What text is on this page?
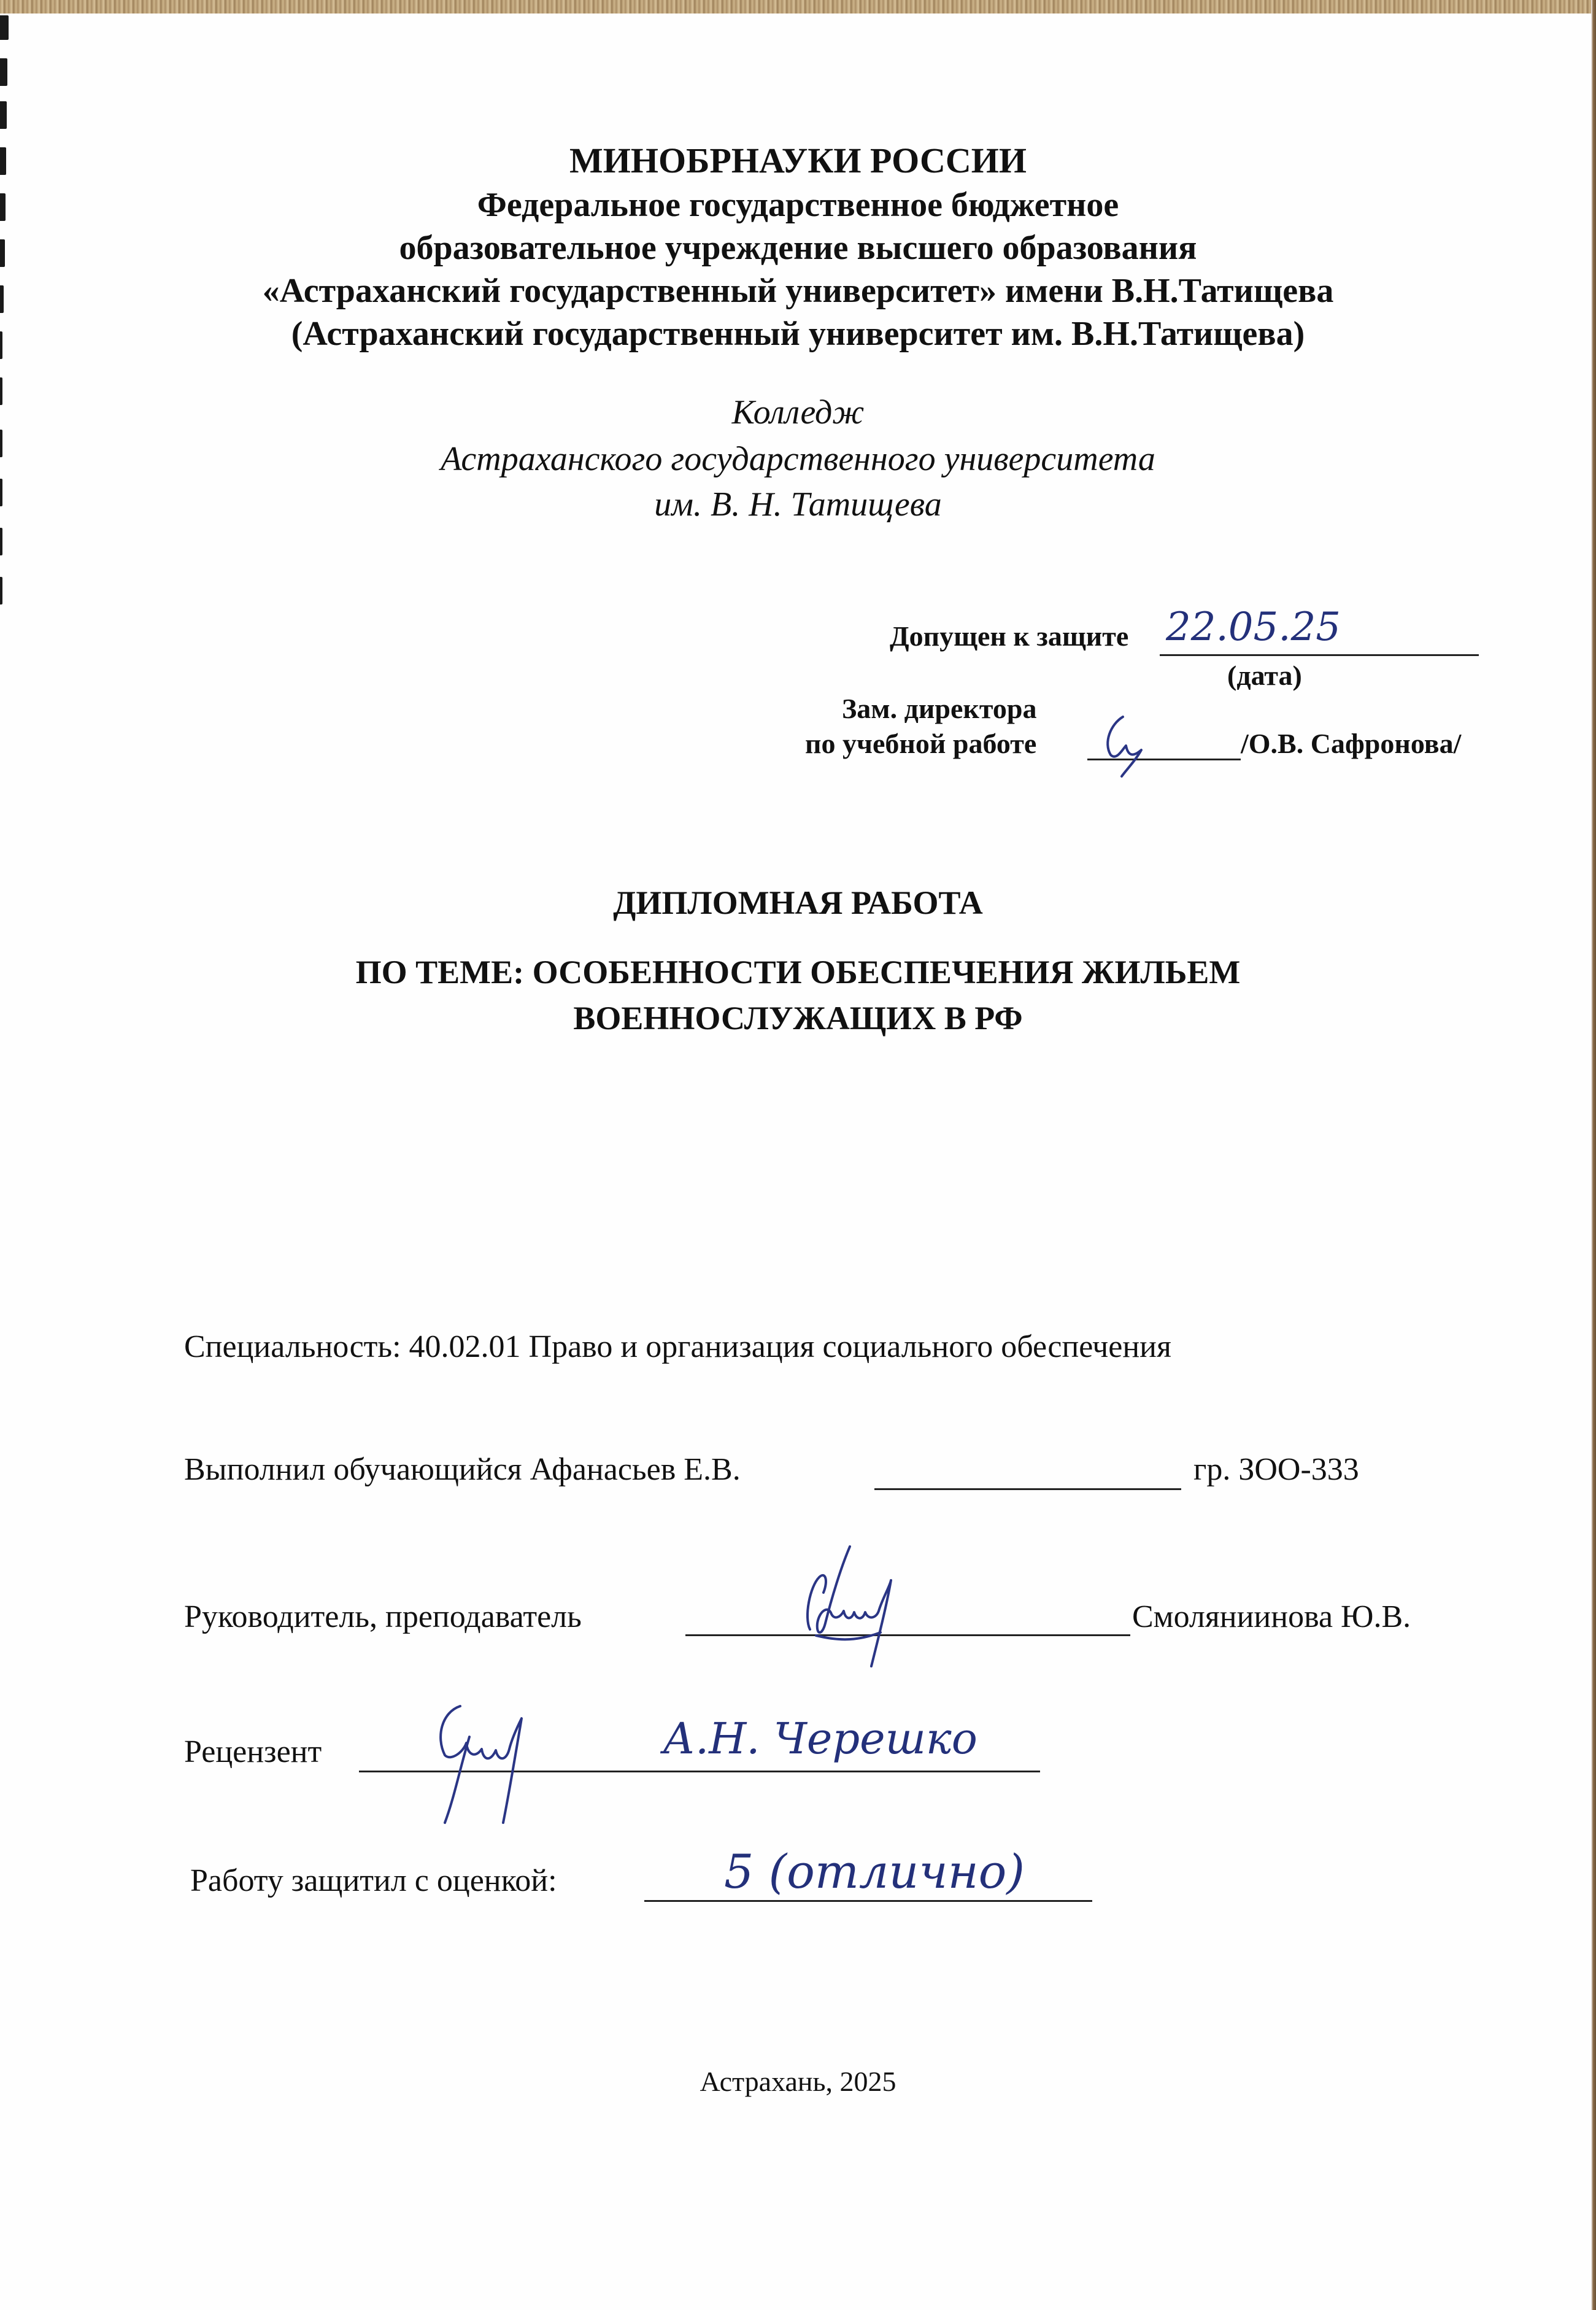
МИНОБРНАУКИ РОССИИ
Федеральное государственное бюджетное
образовательное учреждение высшего образования
«Астраханский государственный университет» имени В.Н.Татищева
(Астраханский государственный университет им. В.Н.Татищева)
Колледж
Астраханского государственного университета
им. В. Н. Татищева
Допущен к защите 22.05.25
(дата)
Зам. директора
по учебной работе	/О.В. Сафронова/
ДИПЛОМНАЯ РАБОТА
ПО ТЕМЕ: ОСОБЕННОСТИ ОБЕСПЕЧЕНИЯ ЖИЛЬЕМ
ВОЕННОСЛУЖАЩИХ В РФ
Специальность: 40.02.01 Право и организация социального обеспечения
Выполнил обучающийся Афанасьев Е.В.	гр. ЗОО-333
Руководитель, преподаватель	Смоляниинова Ю.В.
Рецензент	А.Н. Черешко
Работу защитил с оценкой:	5 (отлично)
Астрахань, 2025
